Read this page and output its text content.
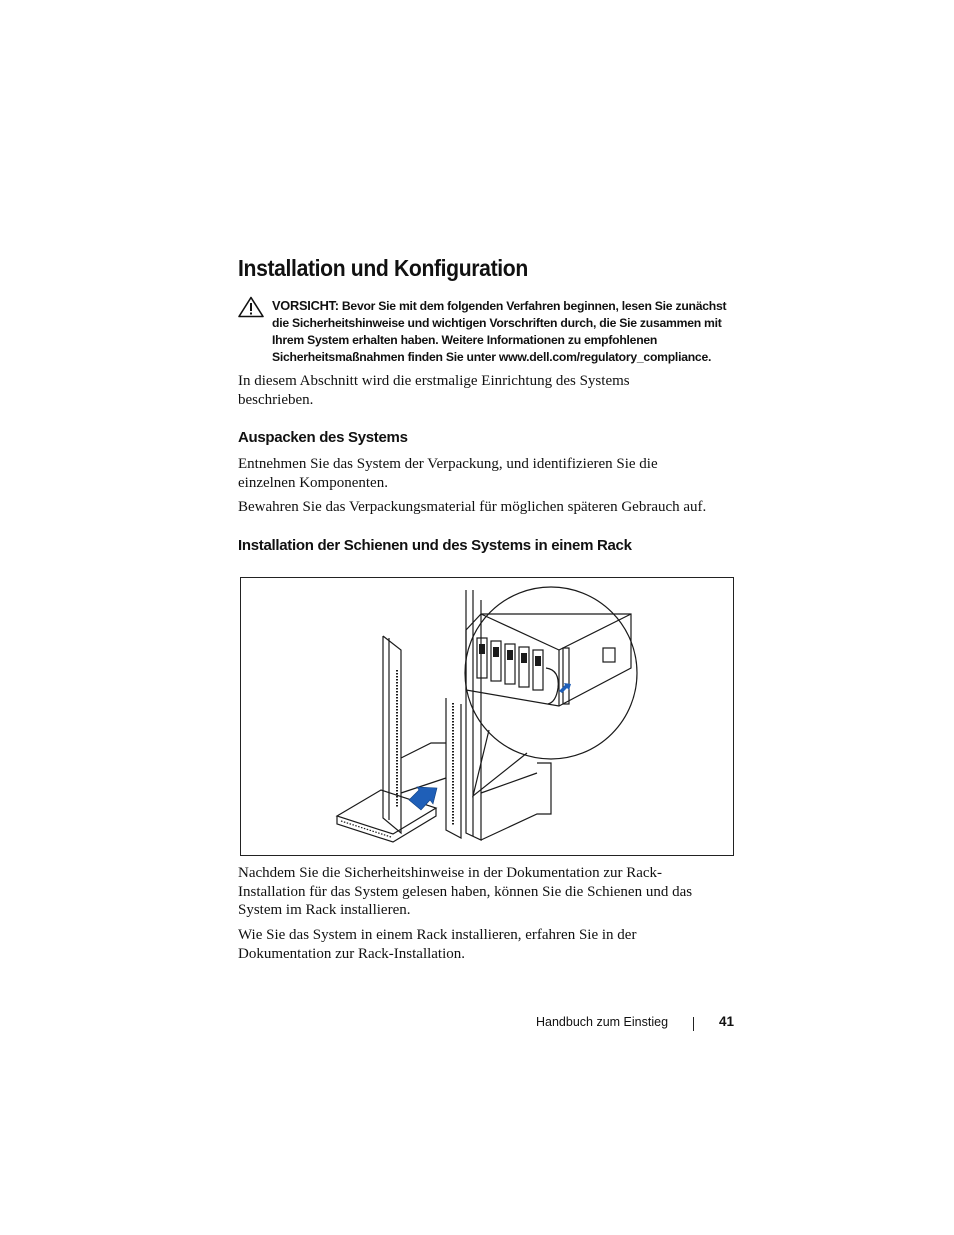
Installation und Konfiguration
VORSICHT: Bevor Sie mit dem folgenden Verfahren beginnen, lesen Sie zunächst die Sicherheitshinweise und wichtigen Vorschriften durch, die Sie zusammen mit Ihrem System erhalten haben. Weitere Informationen zu empfohlenen Sicherheitsmaßnahmen finden Sie unter www.dell.com/regulatory_compliance.
In diesem Abschnitt wird die erstmalige Einrichtung des Systems beschrieben.
Auspacken des Systems
Entnehmen Sie das System der Verpackung, und identifizieren Sie die einzelnen Komponenten.
Bewahren Sie das Verpackungsmaterial für möglichen späteren Gebrauch auf.
Installation der Schienen und des Systems in einem Rack
Nachdem Sie die Sicherheitshinweise in der Dokumentation zur Rack-Installation für das System gelesen haben, können Sie die Schienen und das System im Rack installieren.
Wie Sie das System in einem Rack installieren, erfahren Sie in der Dokumentation zur Rack-Installation.
Handbuch zum Einstieg	41
